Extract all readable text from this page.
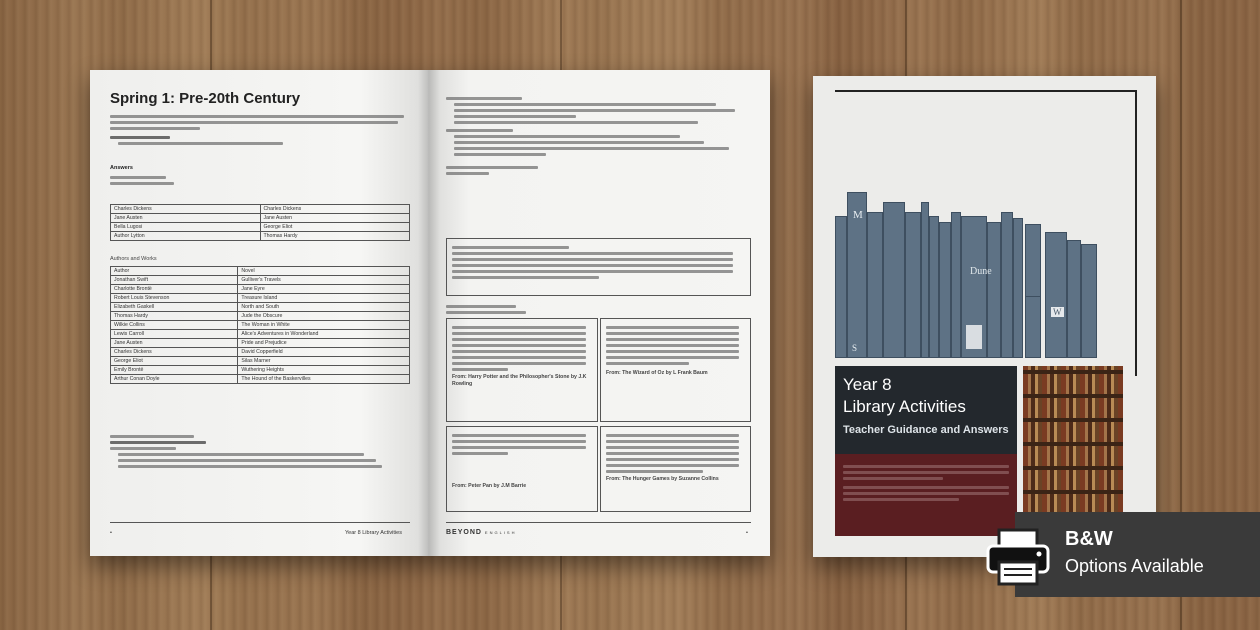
Spring 1: Pre-20th Century
Answers
Charles Dickens	Charles Dickens
Jane Austen	Jane Austen
Bella Lugosi	George Eliot
Author Lytton	Thomas Hardy
Authors and Works
Author	Novel
Jonathan Swift	Gulliver's Travels
Charlotte Brontë	Jane Eyre
Robert Louis Stevenson	Treasure Island
Elizabeth Gaskell	North and South
Thomas Hardy	Jude the Obscure
Wilkie Collins	The Woman in White
Lewis Carroll	Alice's Adventures in Wonderland
Jane Austen	Pride and Prejudice
Charles Dickens	David Copperfield
George Eliot	Silas Marner
Emily Brontë	Wuthering Heights
Arthur Conan Doyle	The Hound of the Baskervilles
•	Year 8 Library Activities
From: Harry Potter and the Philosopher's Stone by J.K Rowling
From: The Wizard of Oz by L Frank Baum
From: Peter Pan by J.M Barrie
From: The Hunger Games by Suzanne Collins
BEYOND ENGLISH	•
M
S
W
Dune
Year 8
Library Activities
Teacher Guidance and Answers
B&W
Options Available
